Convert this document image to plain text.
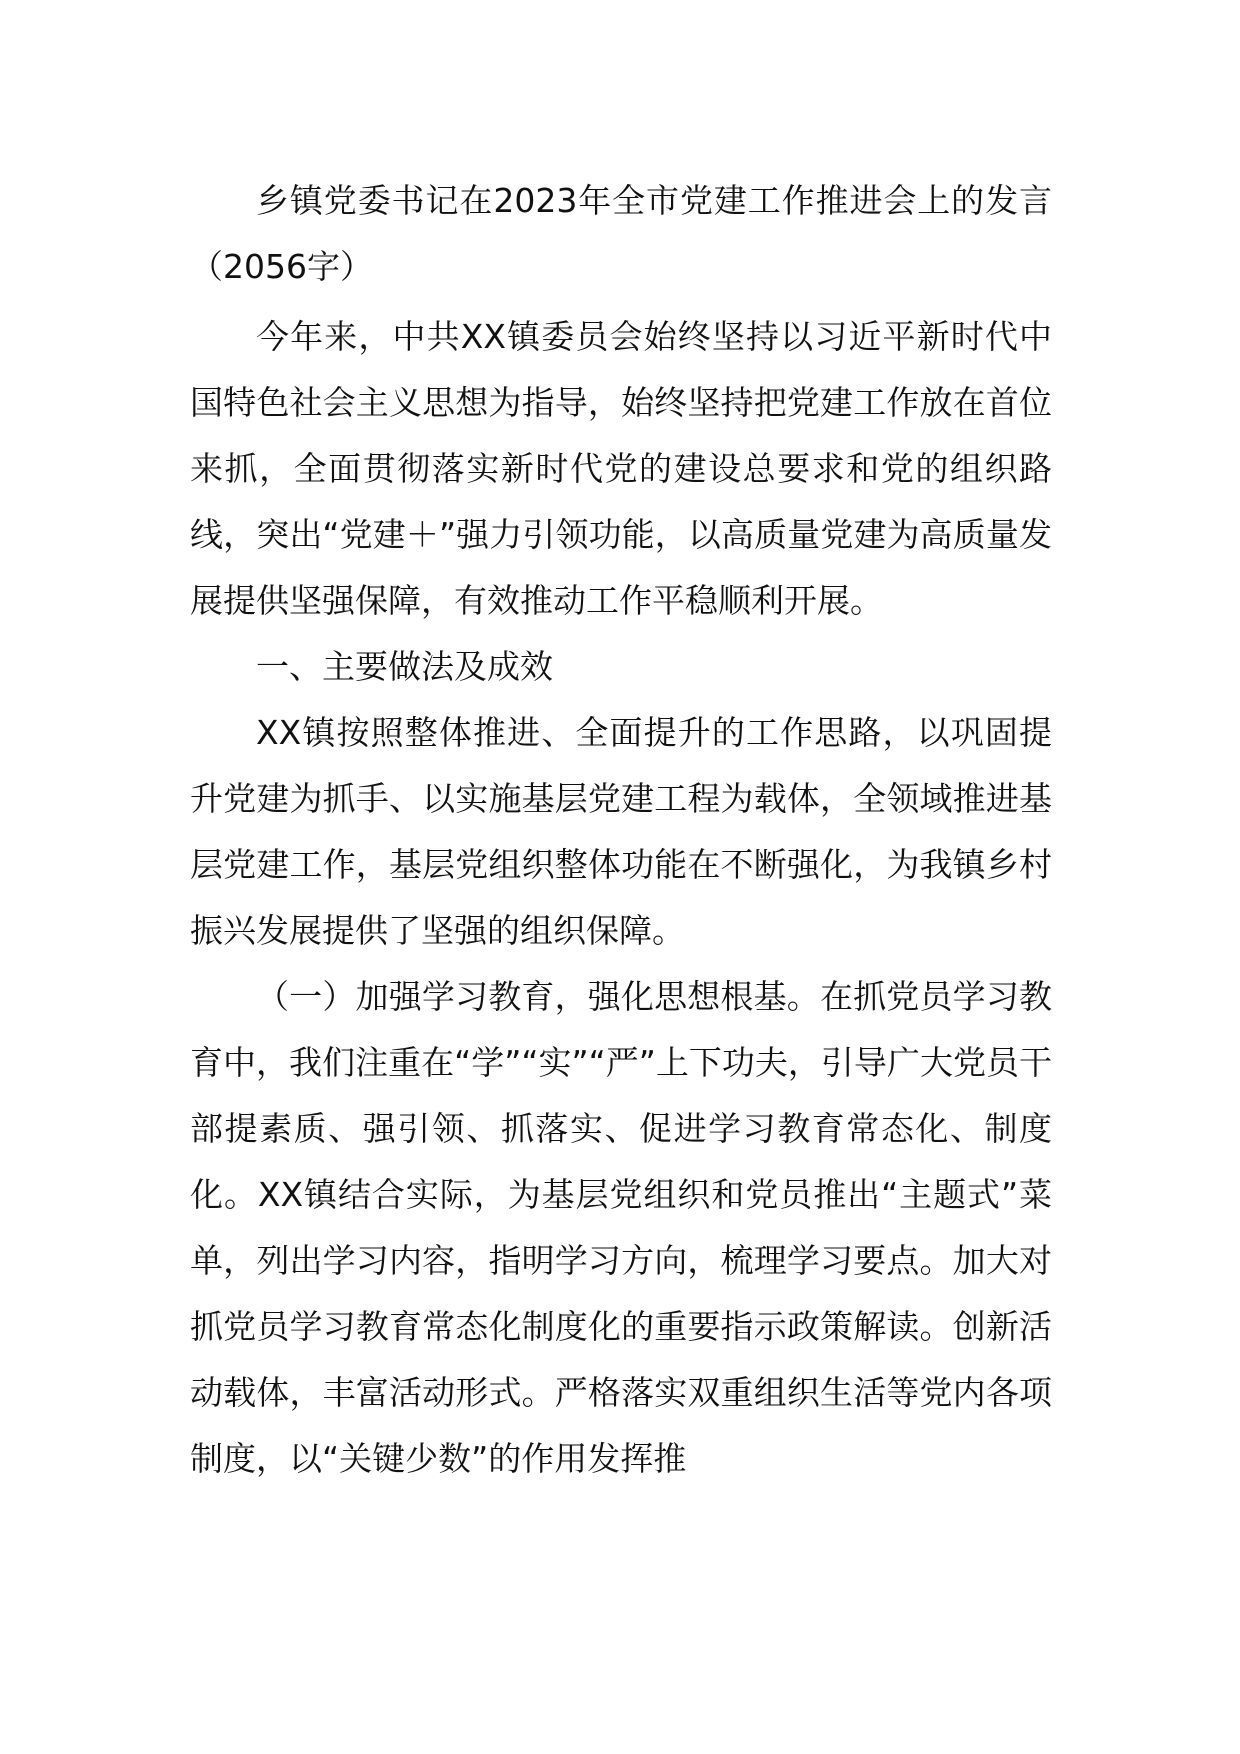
乡镇党委书记在2023年全市党建工作推进会上的发言（2056字）

今年来，中共XX镇委员会始终坚持以习近平新时代中国特色社会主义思想为指导，始终坚持把党建工作放在首位来抓，全面贯彻落实新时代党的建设总要求和党的组织路线，突出“党建＋”强力引领功能，以高质量党建为高质量发展提供坚强保障，有效推动工作平稳顺利开展。

一、主要做法及成效

XX镇按照整体推进、全面提升的工作思路，以巩固提升党建为抓手、以实施基层党建工程为载体，全领域推进基层党建工作，基层党组织整体功能在不断强化，为我镇乡村振兴发展提供了坚强的组织保障。

（一）加强学习教育，强化思想根基。在抓党员学习教育中，我们注重在“学”“实”“严”上下功夫，引导广大党员干部提素质、强引领、抓落实、促进学习教育常态化、制度化。XX镇结合实际，为基层党组织和党员推出“主题式”菜单，列出学习内容，指明学习方向，梳理学习要点。加大对抓党员学习教育常态化制度化的重要指示政策解读。创新活动载体，丰富活动形式。严格落实双重组织生活等党内各项制度，以“关键少数”的作用发挥推
